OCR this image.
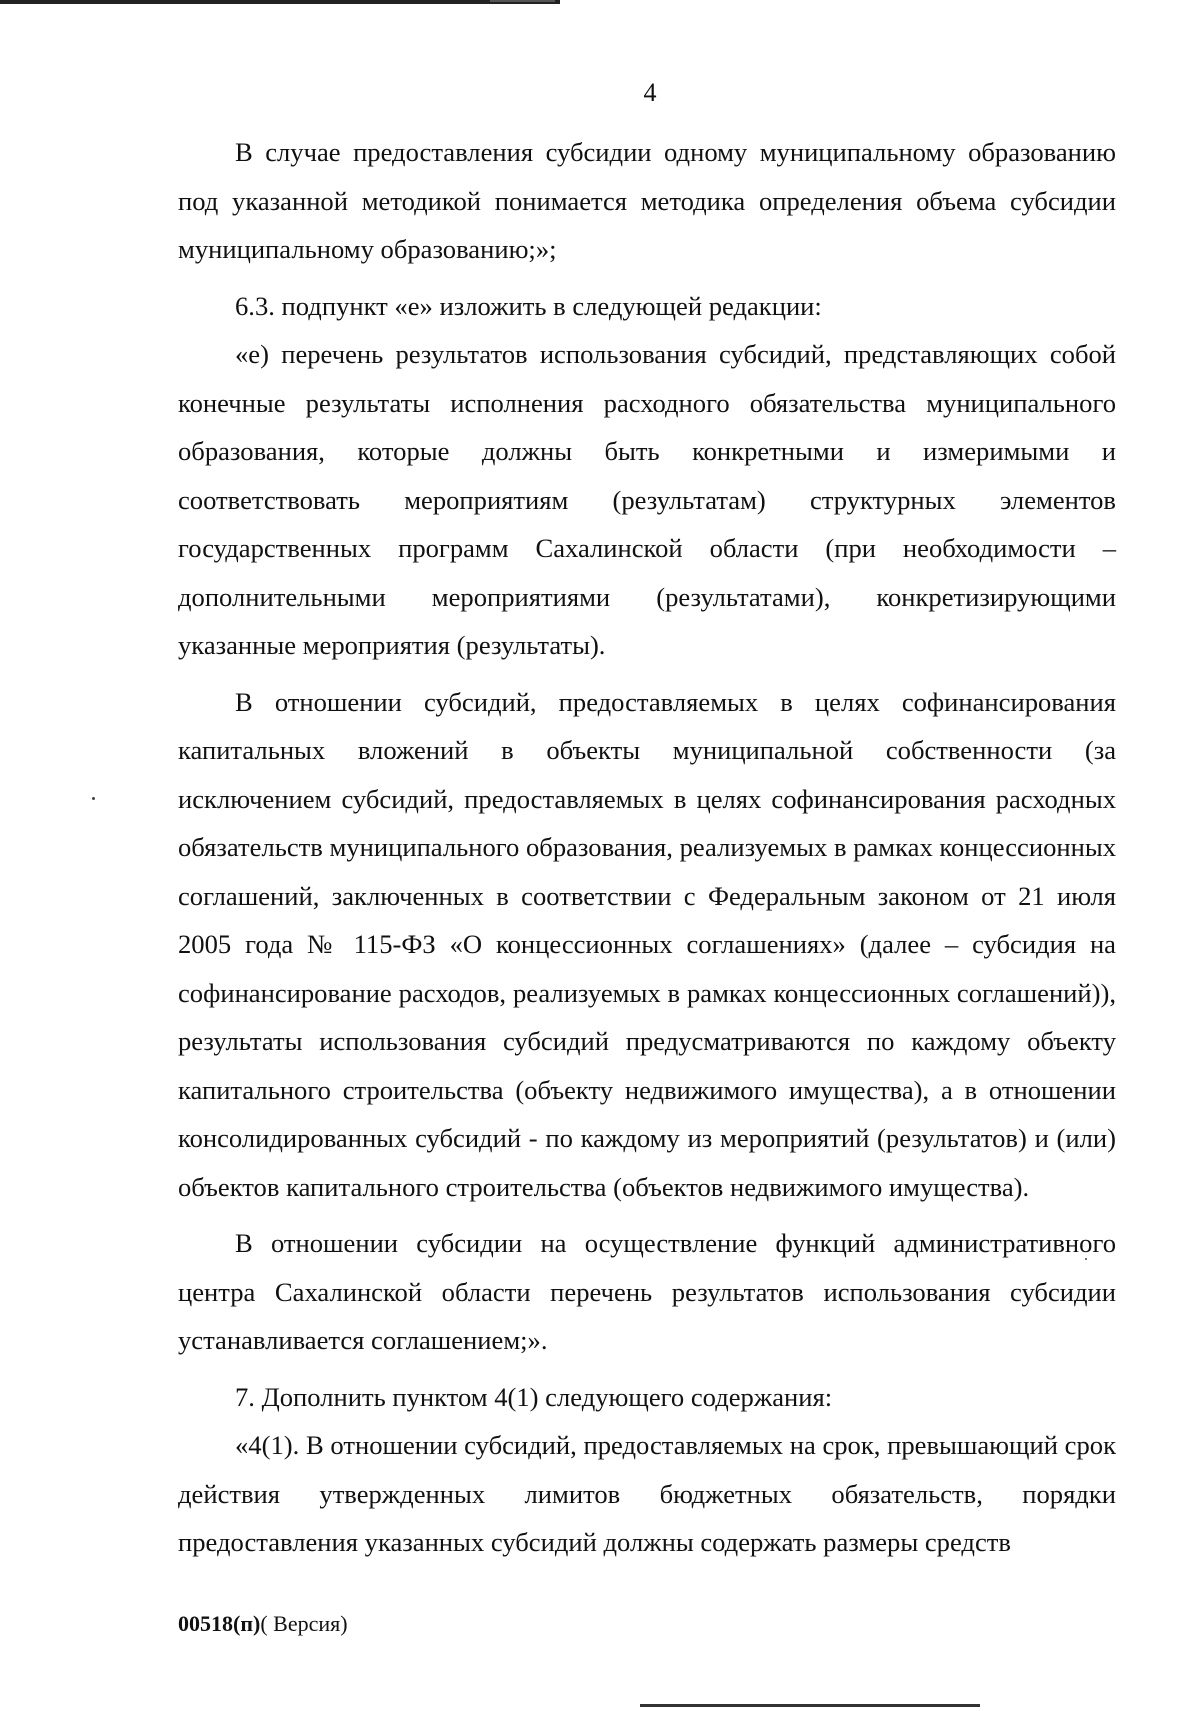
4

В случае предоставления субсидии одному муниципальному образованию под указанной методикой понимается методика определения объема субсидии муниципальному образованию;»;

6.3. подпункт «е» изложить в следующей редакции:

«е) перечень результатов использования субсидий, представляющих собой конечные результаты исполнения расходного обязательства муниципального образования, которые должны быть конкретными и измеримыми и соответствовать мероприятиям (результатам) структурных элементов государственных программ Сахалинской области (при необходимости – дополнительными мероприятиями (результатами), конкретизирующими указанные мероприятия (результаты).

В отношении субсидий, предоставляемых в целях софинансирования капитальных вложений в объекты муниципальной собственности (за исключением субсидий, предоставляемых в целях софинансирования расходных обязательств муниципального образования, реализуемых в рамках концессионных соглашений, заключенных в соответствии с Федеральным законом от 21 июля 2005 года № 115-ФЗ «О концессионных соглашениях» (далее – субсидия на софинансирование расходов, реализуемых в рамках концессионных соглашений)), результаты использования субсидий предусматриваются по каждому объекту капитального строительства (объекту недвижимого имущества), а в отношении консолидированных субсидий - по каждому из мероприятий (результатов) и (или) объектов капитального строительства (объектов недвижимого имущества).

В отношении субсидии на осуществление функций административного центра Сахалинской области перечень результатов использования субсидии устанавливается соглашением;».

7. Дополнить пунктом 4(1) следующего содержания:

«4(1). В отношении субсидий, предоставляемых на срок, превышающий срок действия утвержденных лимитов бюджетных обязательств, порядки предоставления указанных субсидий должны содержать размеры средств

00518(п)( Версия)
